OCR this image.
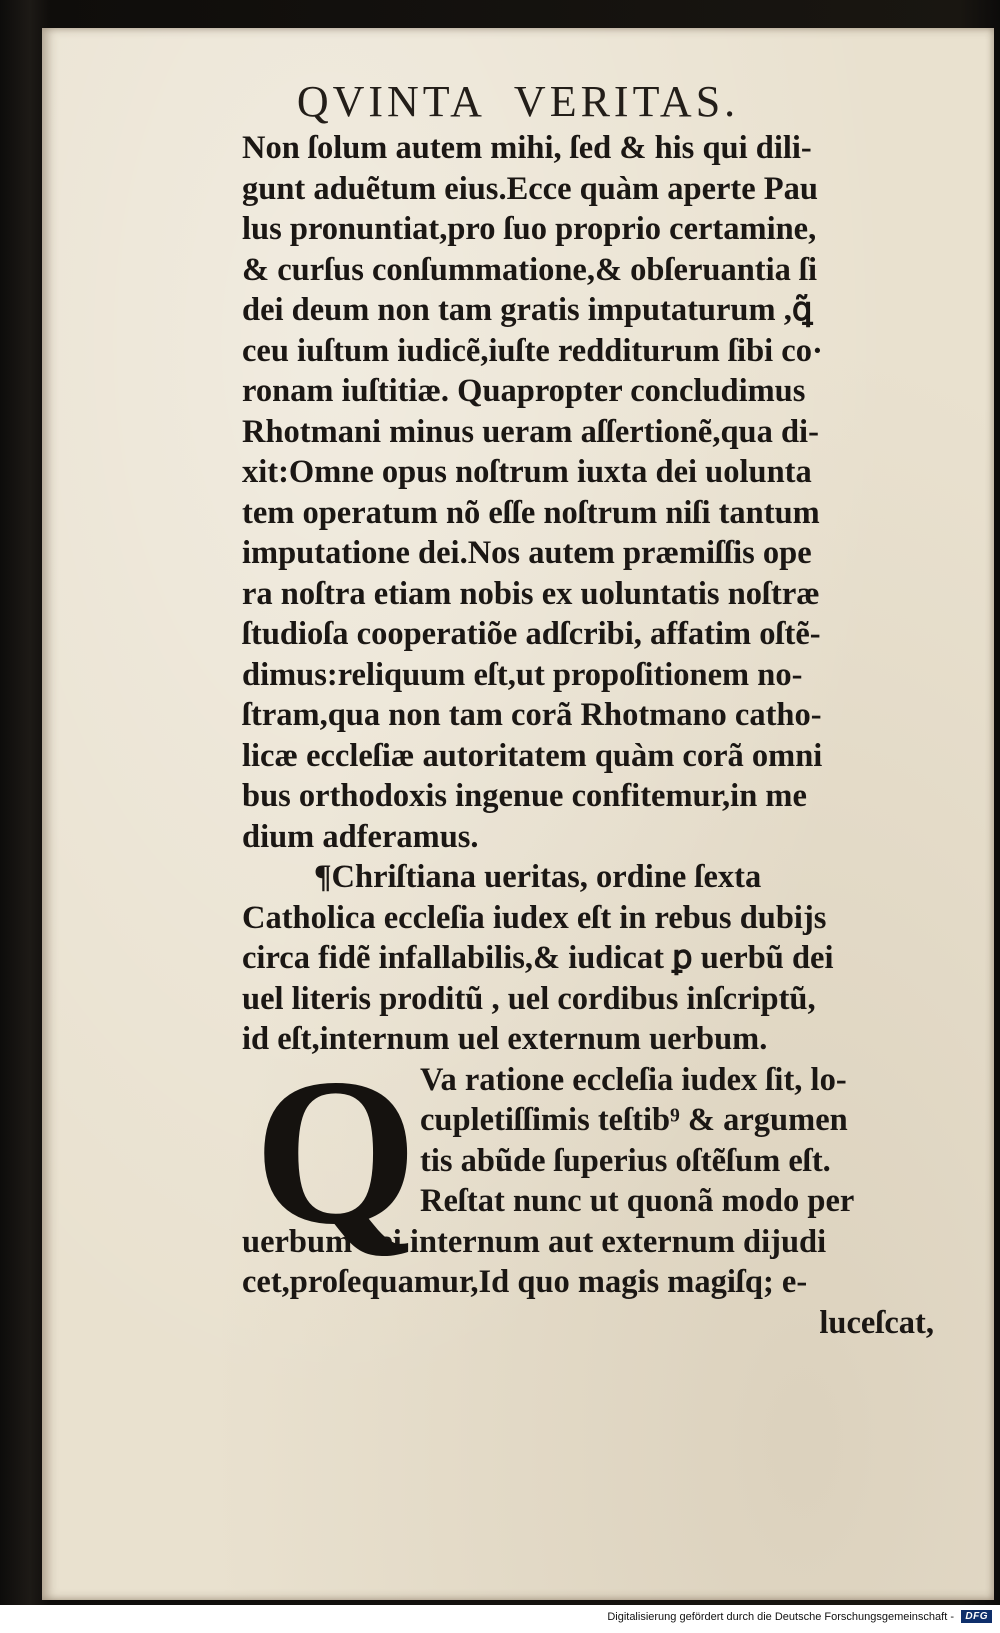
QVINTA VERITAS.
Non ſolum autem mihi, ſed & his qui dili-
gunt aduẽtum eius.Ecce quàm aperte Pau
lus pronuntiat,pro ſuo proprio certamine,
& curſus conſummatione,& obſeruantia ſi
dei deum non tam gratis imputaturum ,ꝗ̃
ceu iuſtum iudicẽ,iuſte redditurum ſibi co·
ronam iuſtitiæ. Quapropter concludimus
Rhotmani minus ueram aſſertionẽ,qua di-
xit:Omne opus noſtrum iuxta dei uolunta
tem operatum nõ eſſe noſtrum niſi tantum
imputatione dei.Nos autem præmiſſis ope
ra noſtra etiam nobis ex uoluntatis noſtræ
ſtudioſa cooperatiõe adſcribi, affatim oſtẽ-
dimus:reliquum eſt,ut propoſitionem no-
ſtram,qua non tam corã Rhotmano catho-
licæ eccleſiæ autoritatem quàm corã omni
bus orthodoxis ingenue confitemur,in me
dium adferamus.
¶Chriſtiana ueritas, ordine ſexta
Catholica eccleſia iudex eſt in rebus dubijs
circa fidẽ infallabilis,& iudicat ꝑ uerbũ dei
uel literis proditũ , uel cordibus inſcriptũ,
id eſt,internum uel externum uerbum.
Q Va ratione eccleſia iudex ſit, lo-
cupletiſſimis teſtib⁹ & argumen
tis abũde ſuperius oſtẽſum eſt.
Reſtat nunc ut quonã modo per
uerbum dei internum aut externum dijudi
cet,proſequamur,Id quo magis magiſq; e-
luceſcat,
Digitalisierung gefördert durch die Deutsche Forschungsgemeinschaft -	DFG
